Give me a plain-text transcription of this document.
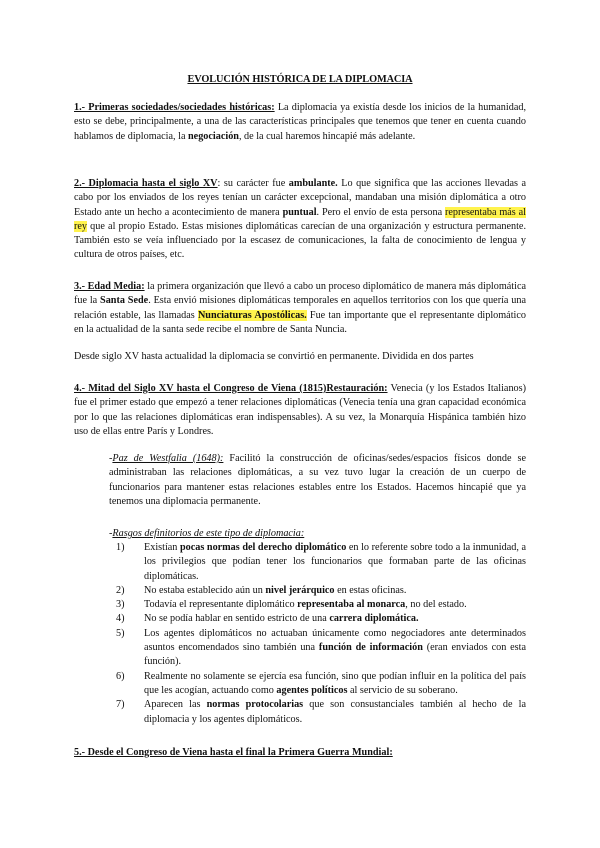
EVOLUCIÓN HISTÓRICA DE LA DIPLOMACIA

1.- Primeras sociedades/sociedades históricas: La diplomacia ya existía desde los inicios de la humanidad, esto se debe, principalmente, a una de las características principales que tenemos que tener en cuenta cuando hablamos de diplomacia, la negociación, de la cual haremos hincapié más adelante.

2.- Diplomacia hasta el siglo XV: su carácter fue ambulante. Lo que significa que las acciones llevadas a cabo por los enviados de los reyes tenían un carácter excepcional, mandaban una misión diplomática a otro Estado ante un hecho a acontecimiento de manera puntual. Pero el envío de esta persona representaba más al rey que al propio Estado. Estas misiones diplomáticas carecían de una organización y estructura permanente. También esto se veía influenciado por la escasez de comunicaciones, la falta de conocimiento de lengua y cultura de otros países, etc.

3.- Edad Media: la primera organización que llevó a cabo un proceso diplomático de manera más diplomática fue la Santa Sede. Esta envió misiones diplomáticas temporales en aquellos territorios con los que quería una relación estable, las llamadas Nunciaturas Apostólicas. Fue tan importante que el representante diplomático en la actualidad de la santa sede recibe el nombre de Santa Nuncia.

Desde siglo XV hasta actualidad la diplomacia se convirtió en permanente. Dividida en dos partes

4.- Mitad del Siglo XV hasta el Congreso de Viena (1815)Restauración: Venecia (y los Estados Italianos) fue el primer estado que empezó a tener relaciones diplomáticas (Venecia tenía una gran capacidad económica por lo que las relaciones diplomáticas eran indispensables). A su vez, la Monarquía Hispánica también hizo uso de ellas entre París y Londres.

-Paz de Westfalia (1648): Facilitó la construcción de oficinas/sedes/espacios físicos donde se administraban las relaciones diplomáticas, a su vez tuvo lugar la creación de un cuerpo de funcionarios para mantener estas relaciones estables entre los Estados. Hacemos hincapié que ya tenemos una diplomacia permanente.

-Rasgos definitorios de este tipo de diplomacia:

1) Existían pocas normas del derecho diplomático en lo referente sobre todo a la inmunidad, a los privilegios que podían tener los funcionarios que formaban parte de las oficinas diplomáticas.
2) No estaba establecido aún un nivel jerárquico en estas oficinas.
3) Todavía el representante diplomático representaba al monarca, no del estado.
4) No se podía hablar en sentido estricto de una carrera diplomática.
5) Los agentes diplomáticos no actuaban únicamente como negociadores ante determinados asuntos encomendados sino también una función de información (eran enviados con esta función).
6) Realmente no solamente se ejercía esa función, sino que podían influir en la política del país que les acogían, actuando como agentes políticos al servicio de su soberano.
7) Aparecen las normas protocolarias que son consustanciales también al hecho de la diplomacia y los agentes diplomáticos.

5.- Desde el Congreso de Viena hasta el final la Primera Guerra Mundial:
